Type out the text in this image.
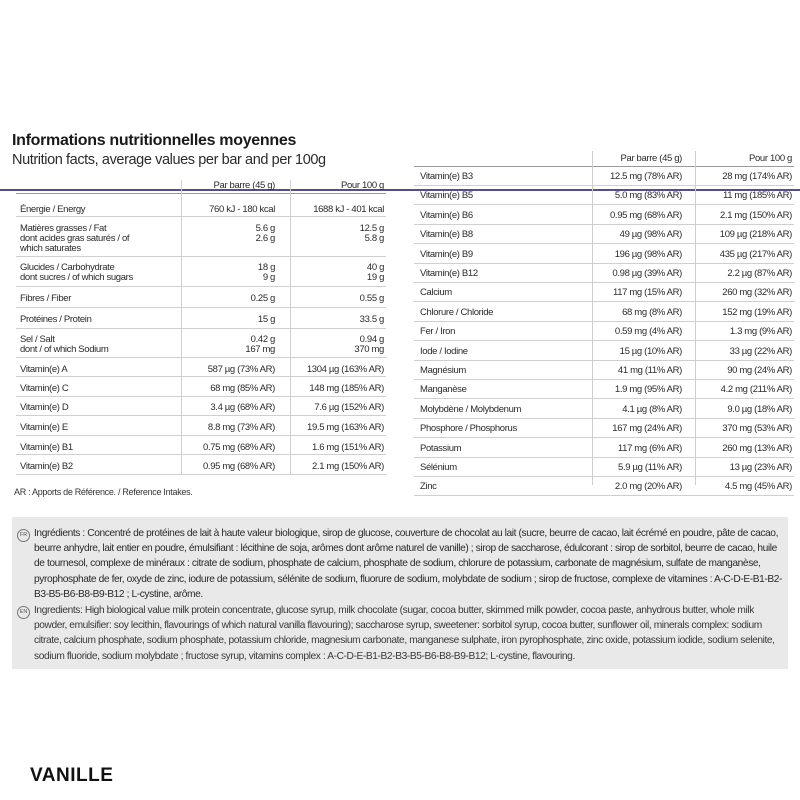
Informations nutritionnelles moyennes
Nutrition facts, average values per bar and per 100g
Par barre (45 g)	Pour 100 g
Énergie / Energy	760 kJ - 180 kcal	1688 kJ - 401 kcal
Matières grasses / Fat	5.6 g	12.5 g
dont acides gras saturés / of	2.6 g	5.8 g
which saturates
Glucides / Carbohydrate	18 g	40 g
dont sucres / of which sugars	9 g	19 g
Fibres / Fiber	0.25 g	0.55 g
Protéines / Protein	15 g	33.5 g
Sel / Salt	0.42 g	0.94 g
dont / of which Sodium	167 mg	370 mg
Vitamin(e) A	587 µg (73% AR)	1304 µg (163% AR)
Vitamin(e) C	68 mg (85% AR)	148 mg (185% AR)
Vitamin(e) D	3.4 µg (68% AR)	7.6 µg (152% AR)
Vitamin(e) E	8.8 mg (73% AR)	19.5 mg (163% AR)
Vitamin(e) B1	0.75 mg (68% AR)	1.6 mg (151% AR)
Vitamin(e) B2	0.95 mg (68% AR)	2.1 mg (150% AR)
Par barre (45 g)	Pour 100 g
Vitamin(e) B3	12.5 mg (78% AR)	28 mg (174% AR)
Vitamin(e) B5	5.0 mg (83% AR)	11 mg (185% AR)
Vitamin(e) B6	0.95 mg (68% AR)	2.1 mg (150% AR)
Vitamin(e) B8	49 µg (98% AR)	109 µg (218% AR)
Vitamin(e) B9	196 µg (98% AR)	435 µg (217% AR)
Vitamin(e) B12	0.98 µg (39% AR)	2.2 µg (87% AR)
Calcium	117 mg (15% AR)	260 mg (32% AR)
Chlorure / Chloride	68 mg (8% AR)	152 mg (19% AR)
Fer / Iron	0.59 mg (4% AR)	1.3 mg (9% AR)
Iode / Iodine	15 µg (10% AR)	33 µg (22% AR)
Magnésium	41 mg (11% AR)	90 mg (24% AR)
Manganèse	1.9 mg (95% AR)	4.2 mg (211% AR)
Molybdène / Molybdenum	4.1 µg (8% AR)	9.0 µg (18% AR)
Phosphore / Phosphorus	167 mg (24% AR)	370 mg (53% AR)
Potassium	117 mg (6% AR)	260 mg (13% AR)
Sélénium	5.9 µg (11% AR)	13 µg (23% AR)
Zinc	2.0 mg (20% AR)	4.5 mg (45% AR)
AR : Apports de Référence. / Reference Intakes.
FR
EN
Ingrédients : Concentré de protéines de lait à haute valeur biologique, sirop de glucose, couverture de chocolat au lait (sucre, beurre de cacao, lait écrémé en poudre, pâte de cacao, beurre anhydre, lait entier en poudre, émulsifiant : lécithine de soja, arômes dont arôme naturel de vanille) ; sirop de saccharose, édulcorant : sirop de sorbitol, beurre de cacao, huile de tournesol, complexe de minéraux : citrate de sodium, phosphate de calcium, phosphate de sodium, chlorure de potassium, carbonate de magnésium, sulfate de manganèse, pyrophosphate de fer, oxyde de zinc, iodure de potassium, sélénite de sodium, fluorure de sodium, molybdate de sodium ; sirop de fructose, complexe de vitamines : A-C-D-E-B1-B2-B3-B5-B6-B8-B9-B12 ; L-cystine, arôme.
Ingredients: High biological value milk protein concentrate, glucose syrup, milk chocolate (sugar, cocoa butter, skimmed milk powder, cocoa paste, anhydrous butter, whole milk powder, emulsifier: soy lecithin, flavourings of which natural vanilla flavouring); saccharose syrup, sweetener: sorbitol syrup, cocoa butter, sunflower oil, minerals complex: sodium citrate, calcium phosphate, sodium phosphate, potassium chloride, magnesium carbonate, manganese sulphate, iron pyrophosphate, zinc oxide, potassium iodide, sodium selenite, sodium fluoride, sodium molybdate ; fructose syrup, vitamins complex : A-C-D-E-B1-B2-B3-B5-B6-B8-B9-B12; L-cystine, flavouring.
VANILLE
